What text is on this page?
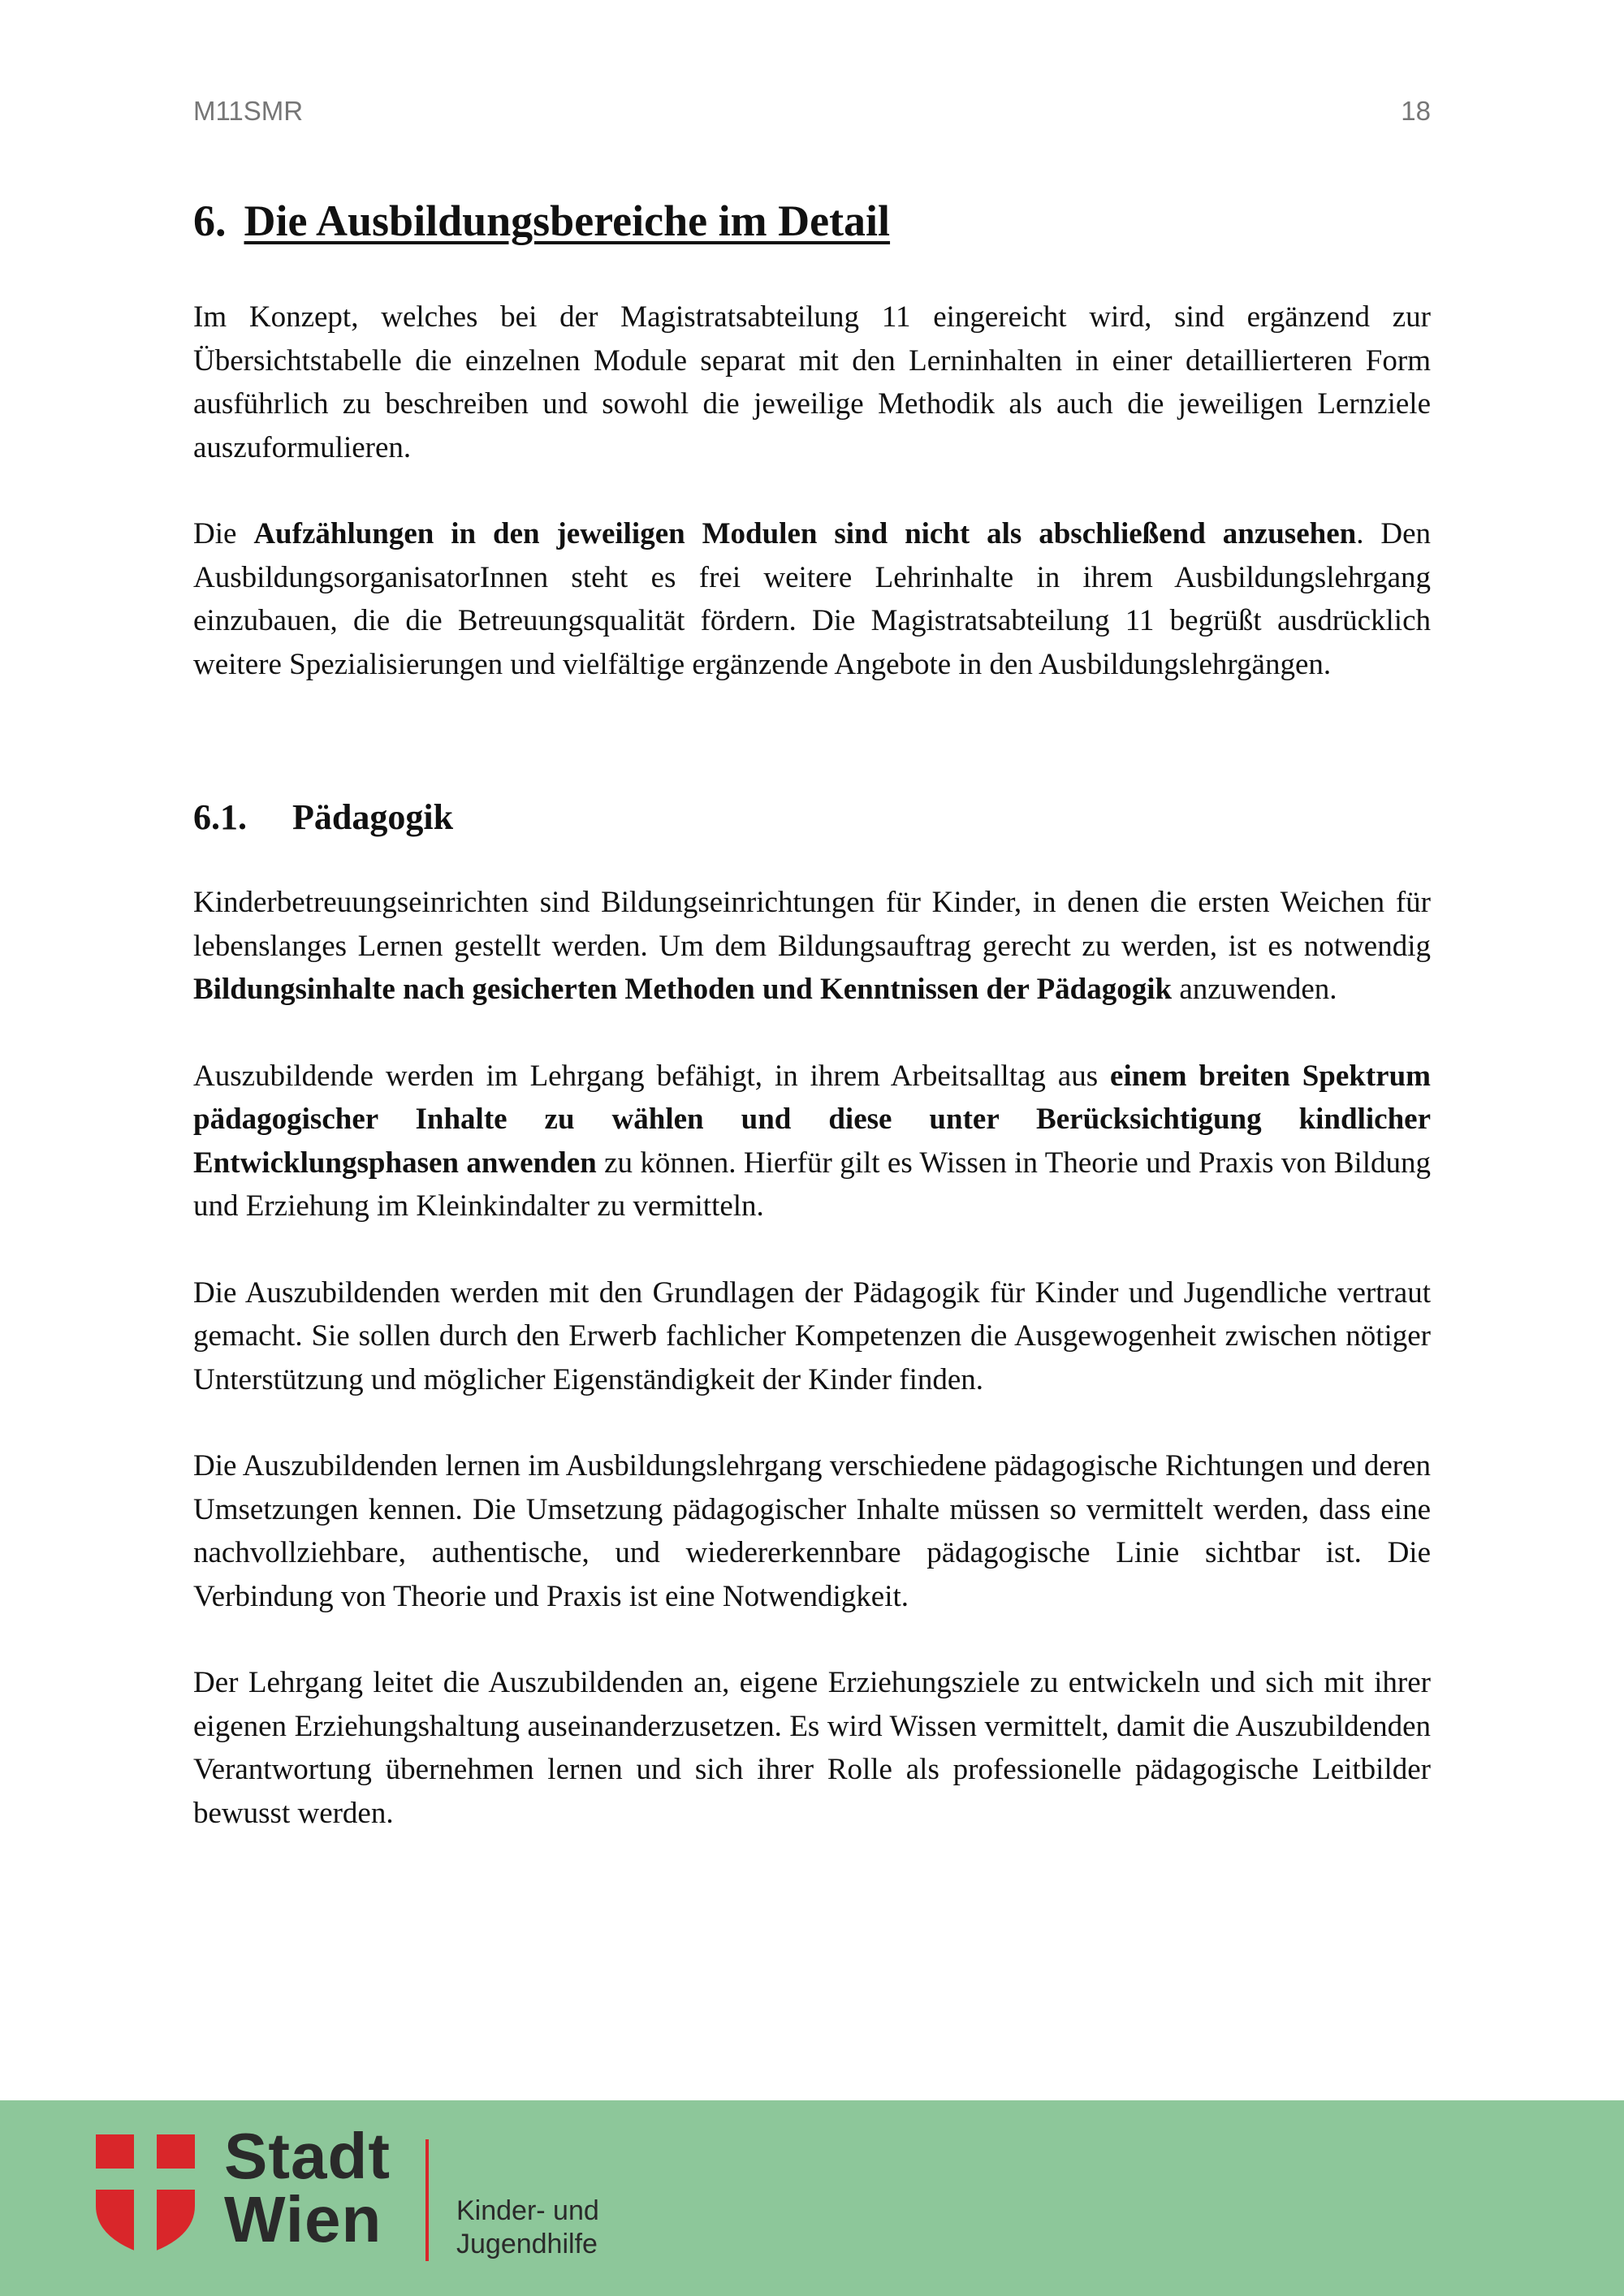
M11SMR	18
6. Die Ausbildungsbereiche im Detail

Im Konzept, welches bei der Magistratsabteilung 11 eingereicht wird, sind ergänzend zur Übersichtstabelle die einzelnen Module separat mit den Lerninhalten in einer detaillierteren Form ausführlich zu beschreiben und sowohl die jeweilige Methodik als auch die jeweiligen Lernziele auszuformulieren.

Die Aufzählungen in den jeweiligen Modulen sind nicht als abschließend anzusehen. Den AusbildungsorganisatorInnen steht es frei weitere Lehrinhalte in ihrem Ausbildungslehrgang einzubauen, die die Betreuungsqualität fördern. Die Magistratsabteilung 11 begrüßt ausdrücklich weitere Spezialisierungen und vielfältige ergänzende Angebote in den Ausbildungslehrgängen.

6.1. Pädagogik

Kinderbetreuungseinrichten sind Bildungseinrichtungen für Kinder, in denen die ersten Weichen für lebenslanges Lernen gestellt werden. Um dem Bildungsauftrag gerecht zu werden, ist es notwendig Bildungsinhalte nach gesicherten Methoden und Kenntnissen der Pädagogik anzuwenden.

Auszubildende werden im Lehrgang befähigt, in ihrem Arbeitsalltag aus einem breiten Spektrum pädagogischer Inhalte zu wählen und diese unter Berücksichtigung kindlicher Entwicklungsphasen anwenden zu können. Hierfür gilt es Wissen in Theorie und Praxis von Bildung und Erziehung im Kleinkindalter zu vermitteln.

Die Auszubildenden werden mit den Grundlagen der Pädagogik für Kinder und Jugendliche vertraut gemacht. Sie sollen durch den Erwerb fachlicher Kompetenzen die Ausgewogenheit zwischen nötiger Unterstützung und möglicher Eigenständigkeit der Kinder finden.

Die Auszubildenden lernen im Ausbildungslehrgang verschiedene pädagogische Richtungen und deren Umsetzungen kennen. Die Umsetzung pädagogischer Inhalte müssen so vermittelt werden, dass eine nachvollziehbare, authentische, und wiedererkennbare pädagogische Linie sichtbar ist. Die Verbindung von Theorie und Praxis ist eine Notwendigkeit.

Der Lehrgang leitet die Auszubildenden an, eigene Erziehungsziele zu entwickeln und sich mit ihrer eigenen Erziehungshaltung auseinanderzusetzen. Es wird Wissen vermittelt, damit die Auszubildenden Verantwortung übernehmen lernen und sich ihrer Rolle als professionelle pädagogische Leitbilder bewusst werden.

Stadt
Wien	Kinder- und
Jugendhilfe
